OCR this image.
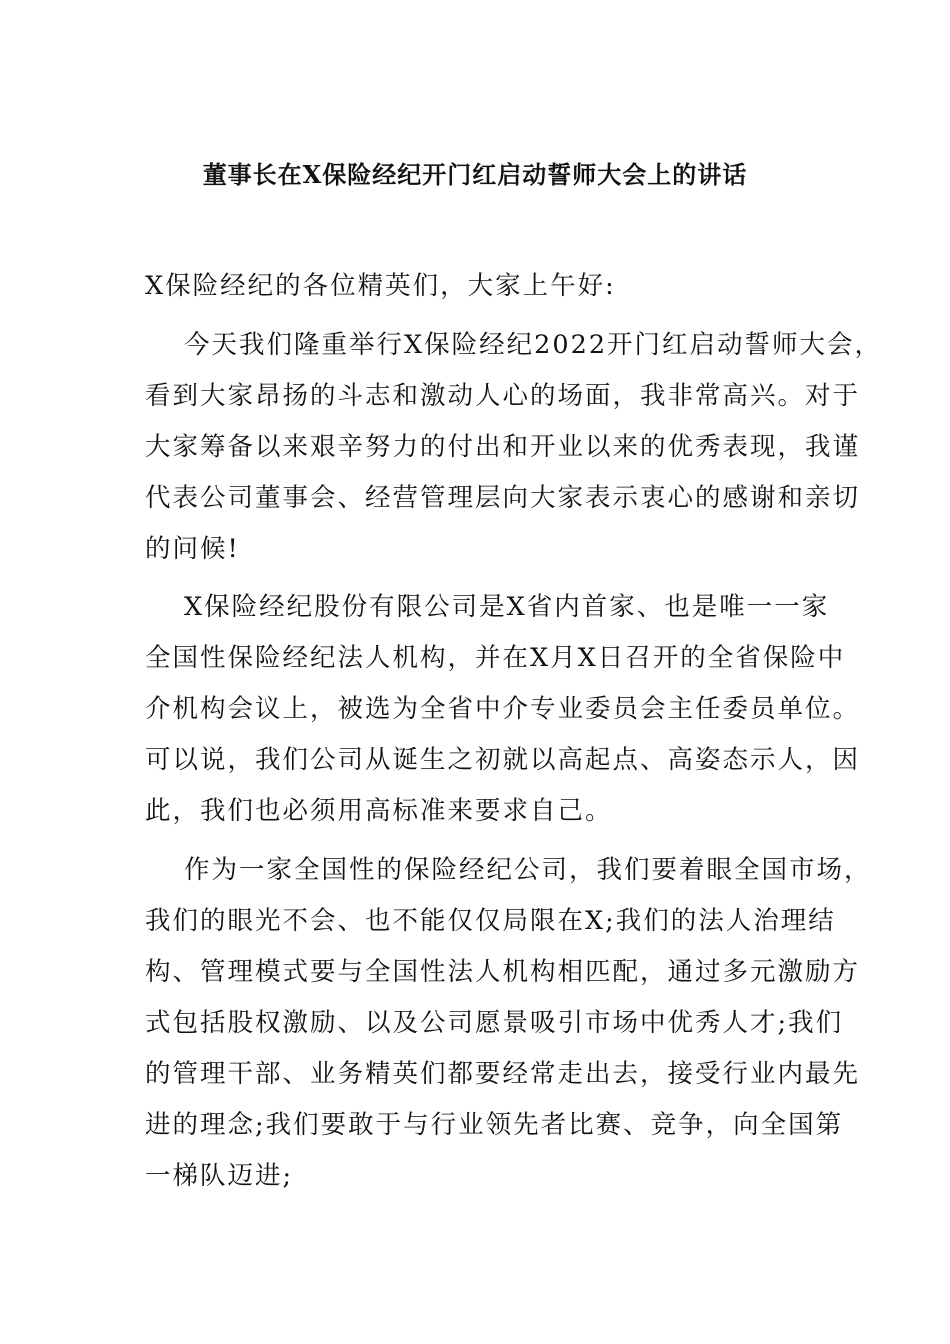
董事长在X保险经纪开门红启动誓师大会上的讲话
X保险经纪的各位精英们，大家上午好:
今天我们隆重举行X保险经纪2022开门红启动誓师大会，
看到大家昂扬的斗志和激动人心的场面，我非常高兴。对于
大家筹备以来艰辛努力的付出和开业以来的优秀表现，我谨
代表公司董事会、经营管理层向大家表示衷心的感谢和亲切
的问候!
X保险经纪股份有限公司是X省内首家、也是唯一一家
全国性保险经纪法人机构，并在X月X日召开的全省保险中
介机构会议上，被选为全省中介专业委员会主任委员单位。
可以说，我们公司从诞生之初就以高起点、高姿态示人，因
此，我们也必须用高标准来要求自己。
作为一家全国性的保险经纪公司，我们要着眼全国市场，
我们的眼光不会、也不能仅仅局限在X;我们的法人治理结
构、管理模式要与全国性法人机构相匹配，通过多元激励方
式包括股权激励、以及公司愿景吸引市场中优秀人才;我们
的管理干部、业务精英们都要经常走出去，接受行业内最先
进的理念;我们要敢于与行业领先者比赛、竞争，向全国第
一梯队迈进;
